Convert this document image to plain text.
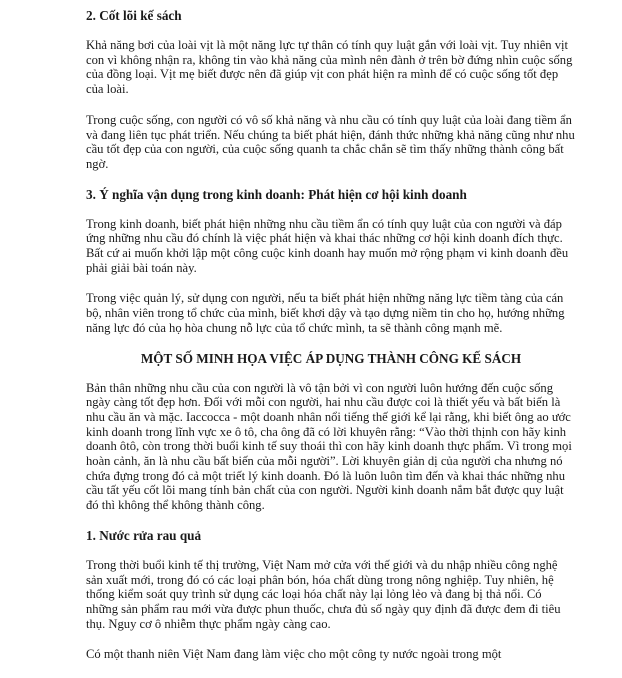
2. Cốt lõi kế sách

Khả năng bơi của loài vịt là một năng lực tự thân có tính quy luật gắn với loài vịt. Tuy nhiên vịt con vì không nhận ra, không tin vào khả năng của mình nên đành ở trên bờ đứng nhìn cuộc sống của đồng loại. Vịt mẹ biết được nên đã giúp vịt con phát hiện ra mình để có cuộc sống tốt đẹp của loài.

Trong cuộc sống, con người có vô số khả năng và nhu cầu có tính quy luật của loài đang tiềm ẩn và đang liên tục phát triển. Nếu chúng ta biết phát hiện, đánh thức những khả năng cũng như nhu cầu tốt đẹp của con người, của cuộc sống quanh ta chắc chắn sẽ tìm thấy những thành công bất ngờ.

3. Ý nghĩa vận dụng trong kinh doanh: Phát hiện cơ hội kinh doanh

Trong kinh doanh, biết phát hiện những nhu cầu tiềm ẩn có tính quy luật của con người và đáp ứng những nhu cầu đó chính là việc phát hiện và khai thác những cơ hội kinh doanh đích thực. Bất cứ ai muốn khởi lập một công cuộc kinh doanh hay muốn mở rộng phạm vi kinh doanh đều phải giải bài toán này.

Trong việc quản lý, sử dụng con người, nếu ta biết phát hiện những năng lực tiềm tàng của cán bộ, nhân viên trong tổ chức của mình, biết khơi dậy và tạo dựng niềm tin cho họ, hướng những năng lực đó của họ hòa chung nỗ lực của tổ chức mình, ta sẽ thành công mạnh mẽ.

MỘT SỐ MINH HỌA VIỆC ÁP DỤNG THÀNH CÔNG KẾ SÁCH

Bản thân những nhu cầu của con người là vô tận bởi vì con người luôn hướng đến cuộc sống ngày càng tốt đẹp hơn. Đối với mỗi con người, hai nhu cầu được coi là thiết yếu và bất biến là nhu cầu ăn và mặc. Iaccocca - một doanh nhân nổi tiếng thế giới kể lại rằng, khi biết ông ao ước kinh doanh trong lĩnh vực xe ô tô, cha ông đã có lời khuyên rằng: “Vào thời thịnh con hãy kinh doanh ôtô, còn trong thời buổi kinh tế suy thoái thì con hãy kinh doanh thực phẩm. Vì trong mọi hoàn cảnh, ăn là nhu cầu bất biến của mỗi người”. Lời khuyên giản dị của người cha nhưng nó chứa đựng trong đó cả một triết lý kinh doanh. Đó là luôn luôn tìm đến và khai thác những nhu cầu tất yếu cốt lõi mang tính bản chất của con người. Người kinh doanh nắm bắt được quy luật đó thì không thể không thành công.

1. Nước rửa rau quả

Trong thời buổi kinh tế thị trường, Việt Nam mở cửa với thế giới và du nhập nhiều công nghệ sản xuất mới, trong đó có các loại phân bón, hóa chất dùng trong nông nghiệp. Tuy nhiên, hệ thống kiểm soát quy trình sử dụng các loại hóa chất này lại lỏng lẻo và đang bị thả nổi. Có những sản phẩm rau mới vừa được phun thuốc, chưa đủ số ngày quy định đã được đem đi tiêu thụ. Nguy cơ ô nhiễm thực phẩm ngày càng cao.

Có một thanh niên Việt Nam đang làm việc cho một công ty nước ngoài trong một
